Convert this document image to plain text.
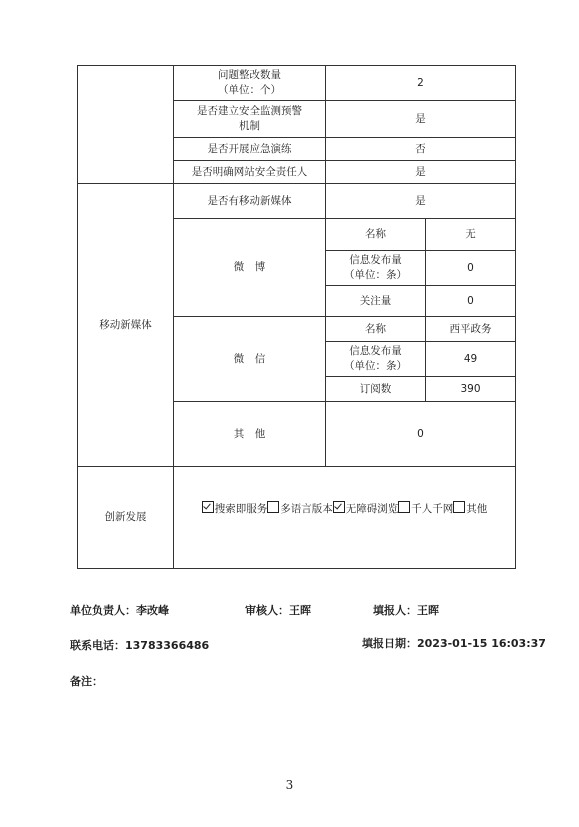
	问题整改数量
（单位：个）	2	
	是否建立安全监测预警
机制	是	
	是否开展应急演练	否	
	是否明确网站安全责任人	是	
移动新媒体	是否有移动新媒体	是	
	微　博	名称	无
		信息发布量
（单位：条）	0
		关注量	0
	微　信	名称	西平政务
		信息发布量
（单位：条）	49
		订阅数	390
	其　他	0	
创新发展	搜索即服务 多语言版本 无障碍浏览 千人千网 其他		
单位负责人：李改峰	审核人：王晖	填报人：王晖
联系电话：13783366486	填报日期：2023-01-15 16:03:37
备注：
3
